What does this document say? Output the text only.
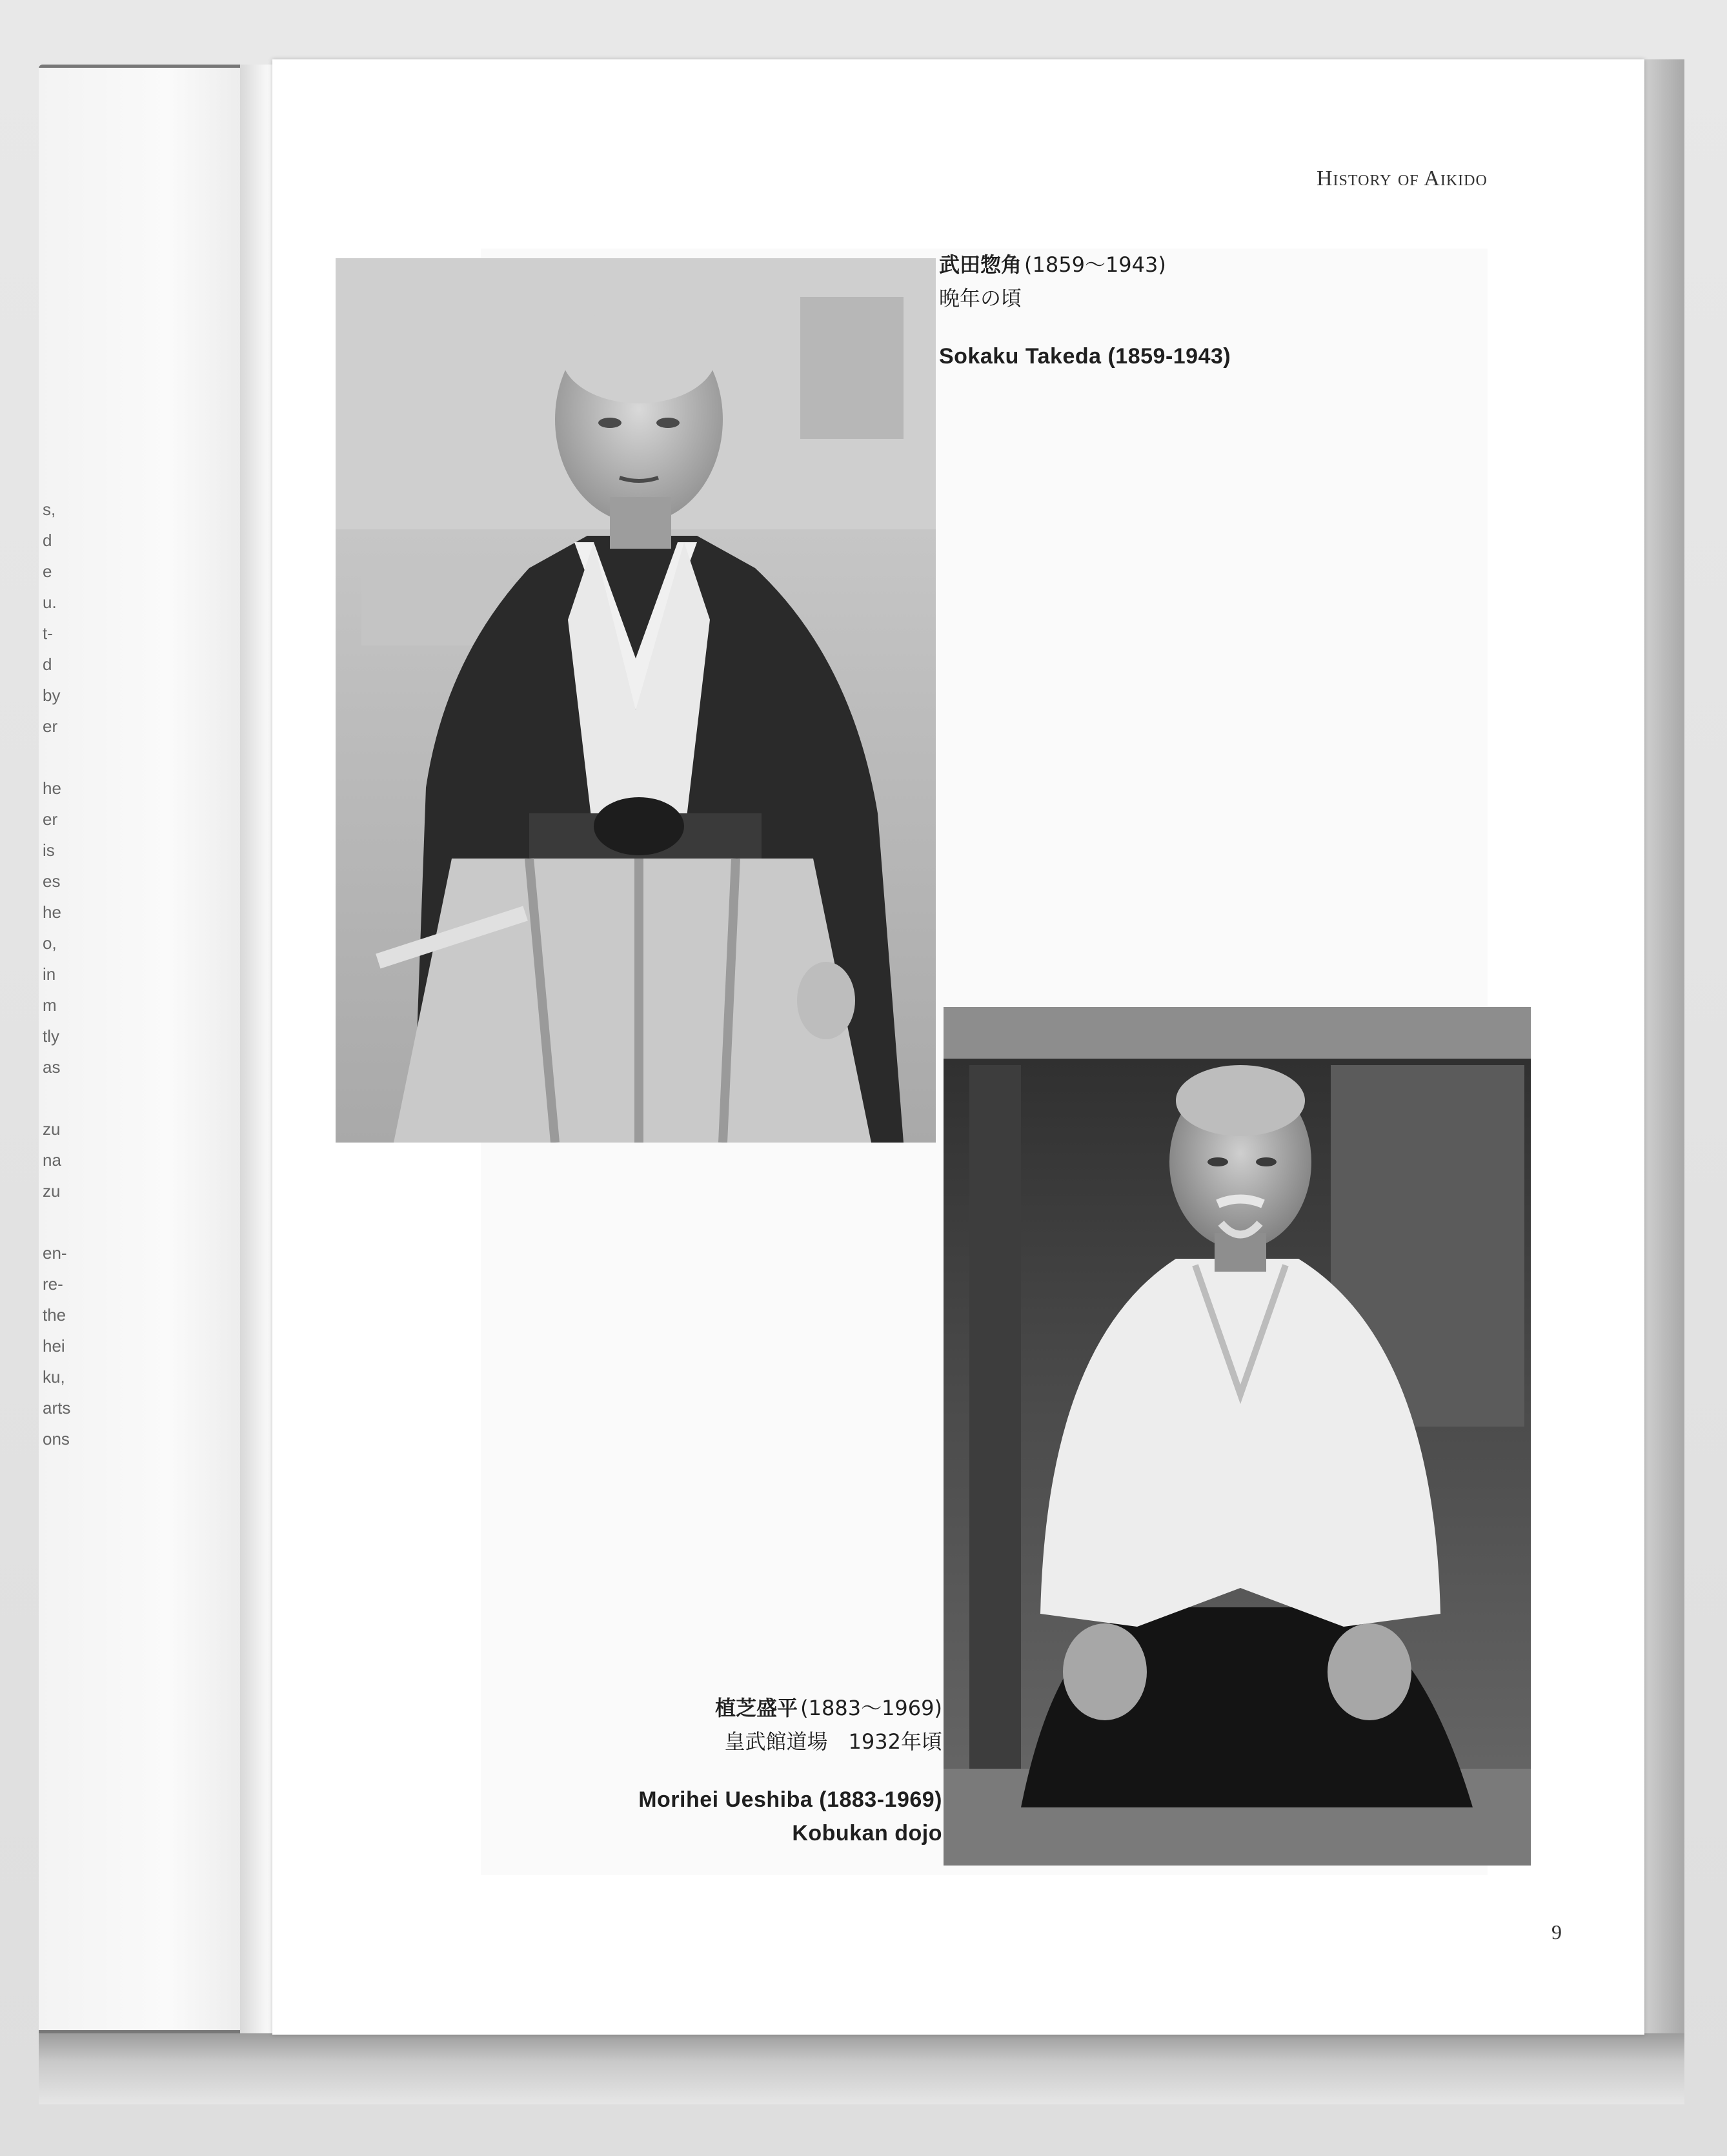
s,
d
e
u.
t-
d
by
er
he
er
is
es
he
o,
in
m
tly
as
zu
na
zu
en-
re-
the
hei
ku,
arts
ons
History of Aikido
武田惣角 (1859～1943)
晩年の頃
Sokaku Takeda (1859-1943)
植芝盛平 (1883～1969)
皇武館道場　1932年頃
Morihei Ueshiba (1883-1969)
Kobukan dojo
9
